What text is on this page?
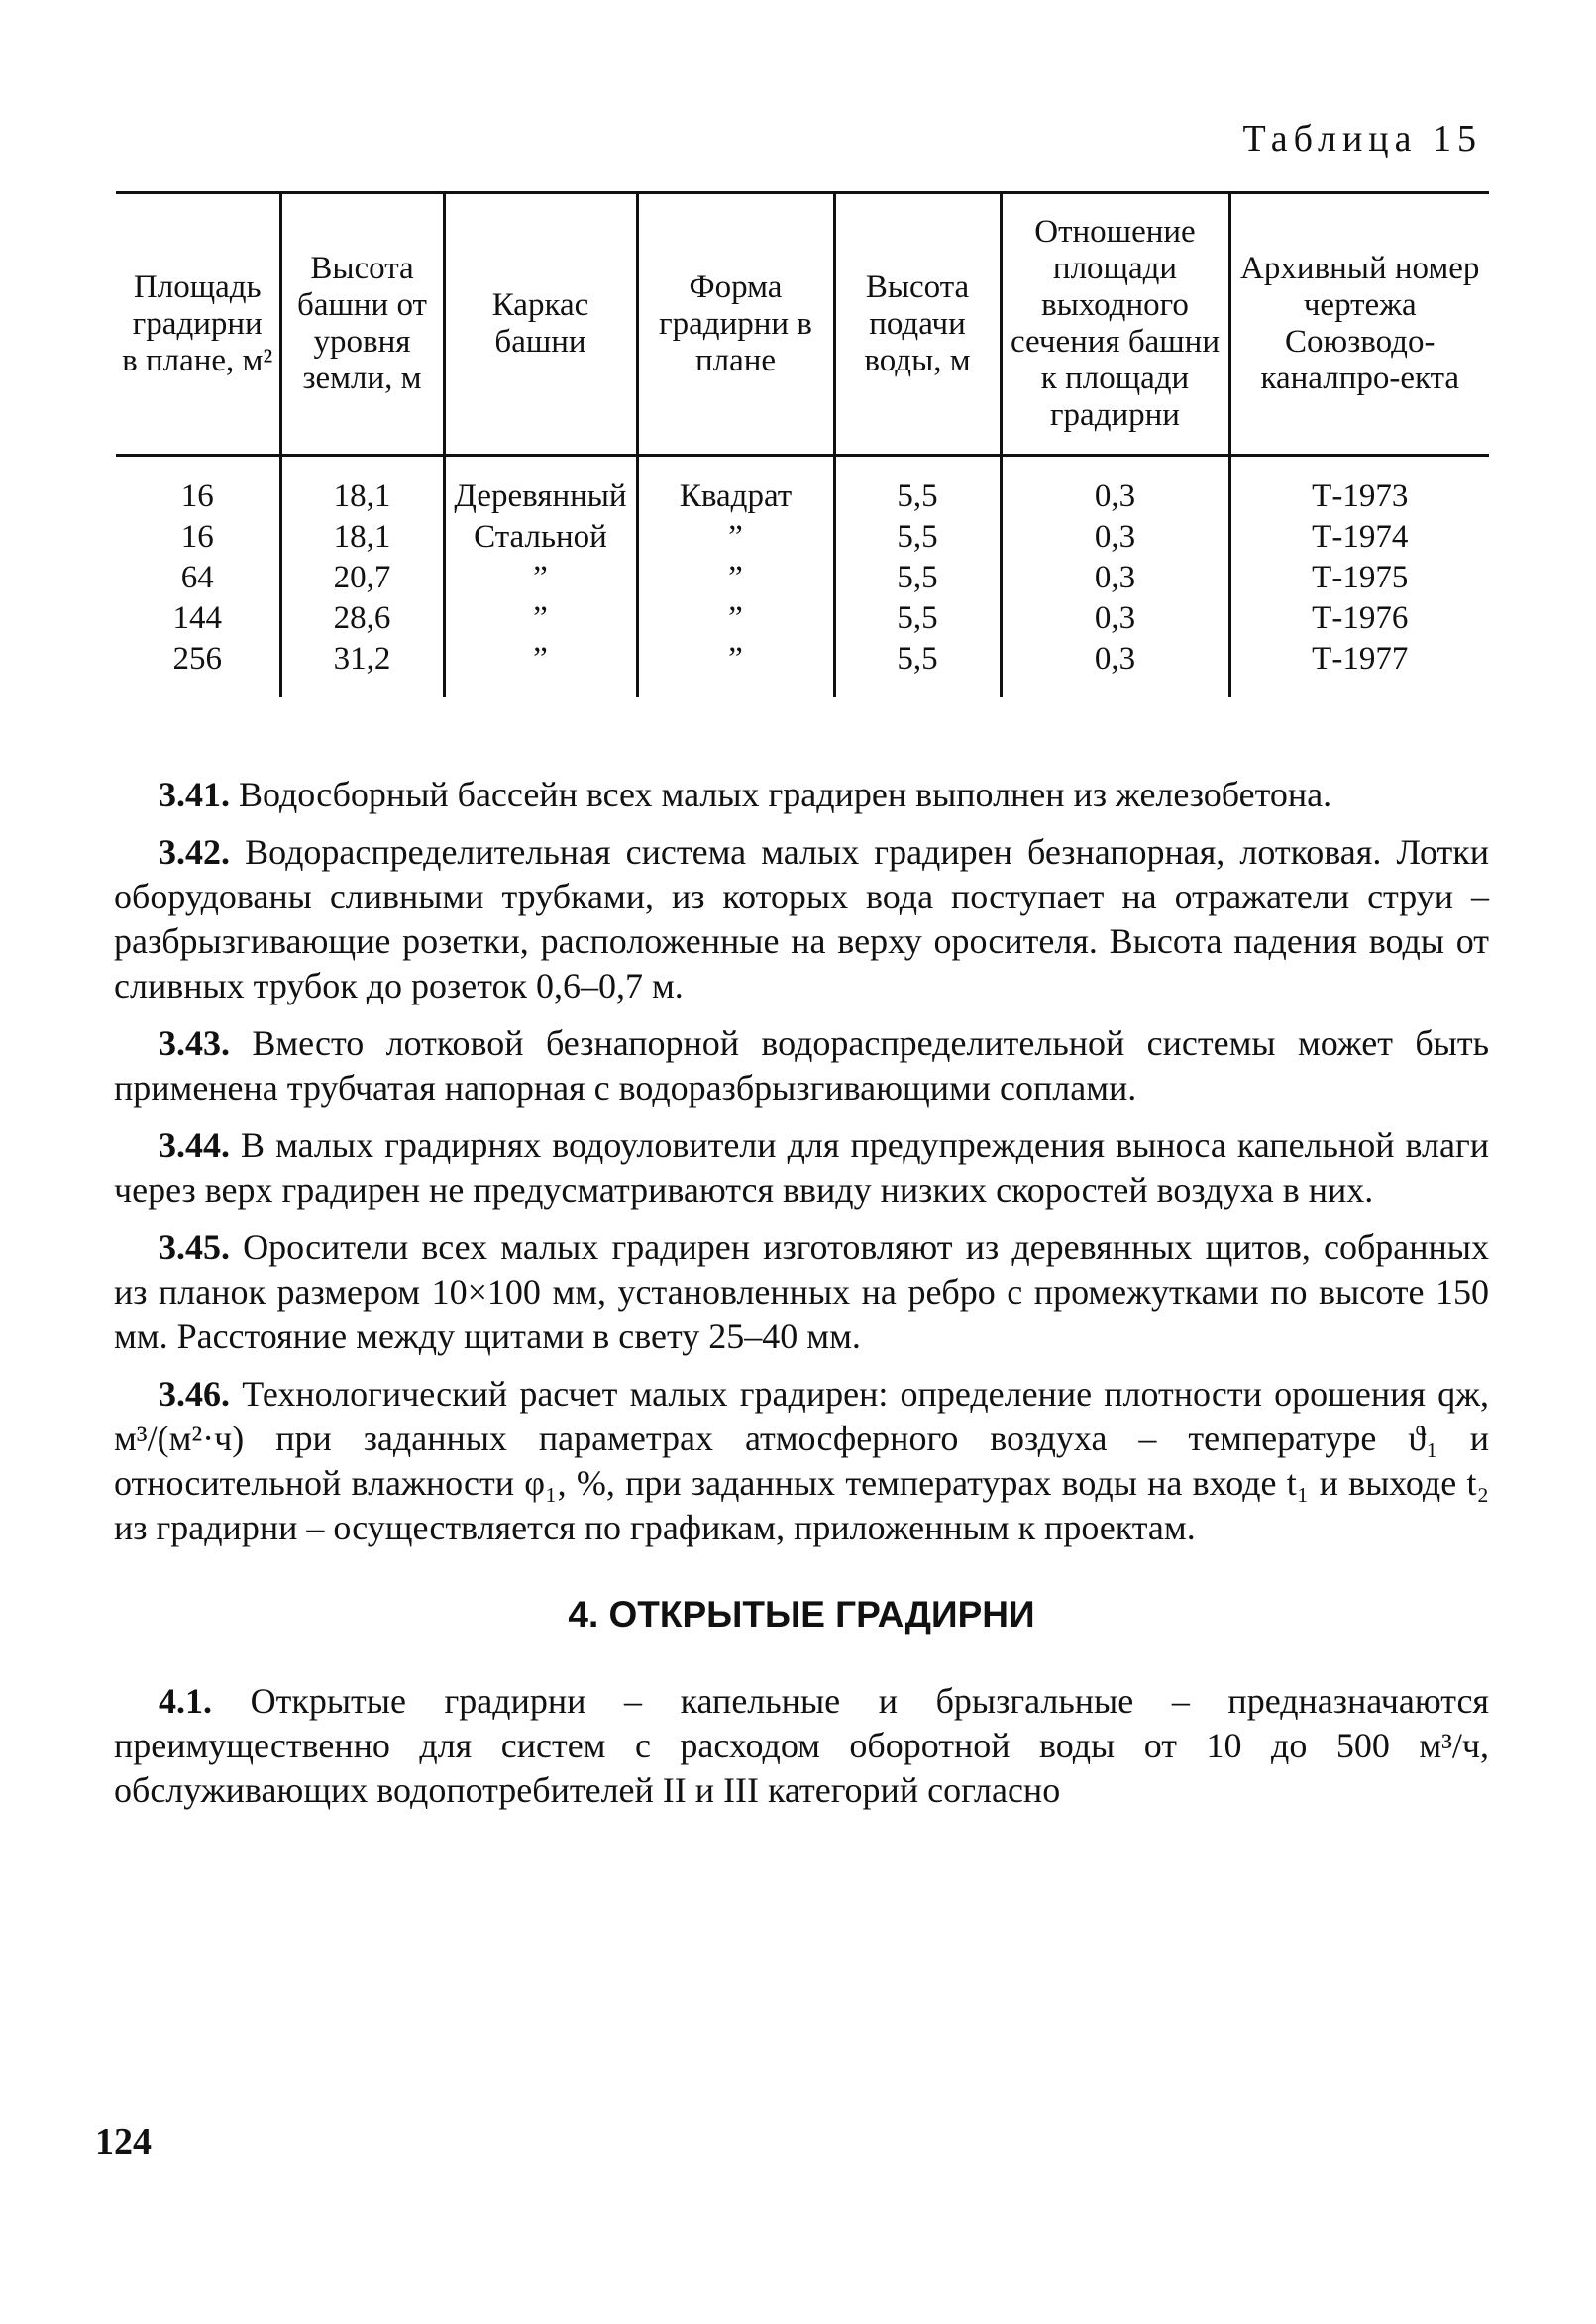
Таблица 15
Площадь градирни в плане, м²	Высота башни от уровня земли, м	Каркас башни	Форма градирни в плане	Высота подачи воды, м	Отношение площади выходного сечения башни к площади градирни	Архивный номер чертежа Союзводо-каналпро-екта
16	18,1	Деревянный	Квадрат	5,5	0,3	Т-1973
16	18,1	Стальной	”	5,5	0,3	Т-1974
64	20,7	”	”	5,5	0,3	Т-1975
144	28,6	”	”	5,5	0,3	Т-1976
256	31,2	”	”	5,5	0,3	Т-1977

3.41. Водосборный бассейн всех малых градирен выполнен из железобетона.

3.42. Водораспределительная система малых градирен безнапорная, лотковая. Лотки оборудованы сливными трубками, из которых вода поступает на отражатели струи – разбрызгивающие розетки, расположенные на верху оросителя. Высота падения воды от сливных трубок до розеток 0,6–0,7 м.

3.43. Вместо лотковой безнапорной водораспределительной системы может быть применена трубчатая напорная с водоразбрызгивающими соплами.

3.44. В малых градирнях водоуловители для предупреждения выноса капельной влаги через верх градирен не предусматриваются ввиду низких скоростей воздуха в них.

3.45. Оросители всех малых градирен изготовляют из деревянных щитов, собранных из планок размером 10×100 мм, установленных на ребро с промежутками по высоте 150 мм. Расстояние между щитами в свету 25–40 мм.

3.46. Технологический расчет малых градирен: определение плотности орошения qж, м³/(м²·ч) при заданных параметрах атмосферного воздуха – температуре ϑ₁ и относительной влажности φ₁, %, при заданных температурах воды на входе t₁ и выходе t₂ из градирни – осуществляется по графикам, приложенным к проектам.

4. ОТКРЫТЫЕ ГРАДИРНИ

4.1. Открытые градирни – капельные и брызгальные – предназначаются преимущественно для систем с расходом оборотной воды от 10 до 500 м³/ч, обслуживающих водопотребителей II и III категорий согласно

124
